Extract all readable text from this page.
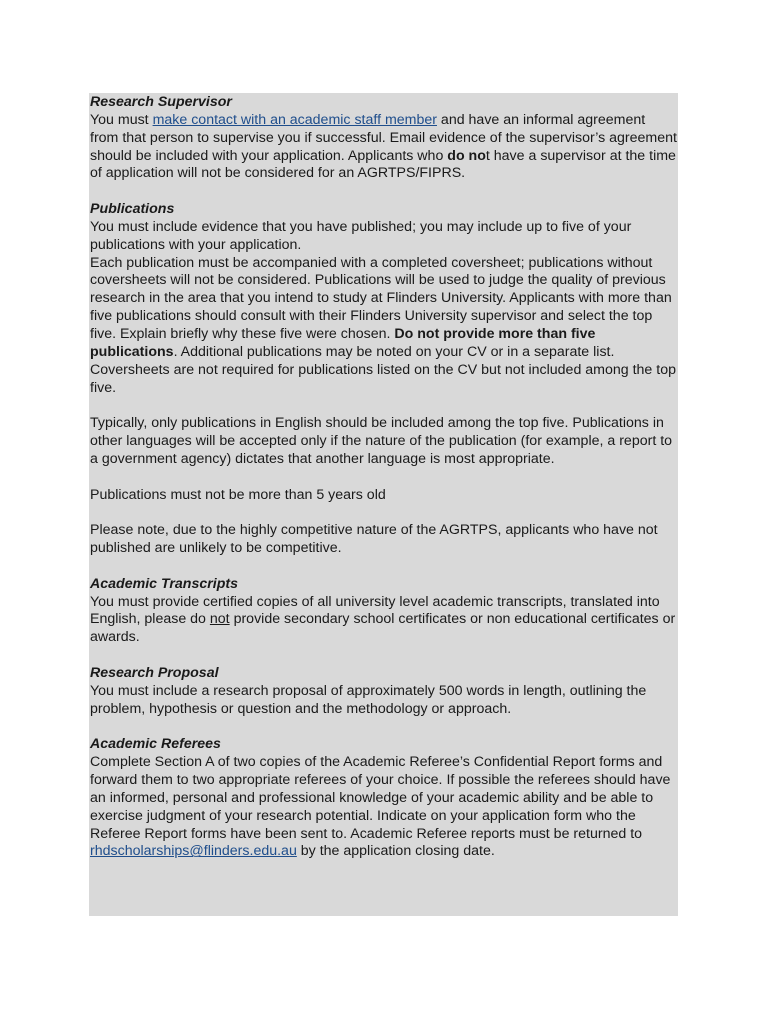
Research Supervisor

You must make contact with an academic staff member and have an informal agreement from that person to supervise you if successful. Email evidence of the supervisor’s agreement should be included with your application. Applicants who do not have a supervisor at the time of application will not be considered for an AGRTPS/FIPRS.

Publications

You must include evidence that you have published; you may include up to five of your publications with your application.

Each publication must be accompanied with a completed coversheet; publications without coversheets will not be considered. Publications will be used to judge the quality of previous research in the area that you intend to study at Flinders University. Applicants with more than five publications should consult with their Flinders University supervisor and select the top five. Explain briefly why these five were chosen. Do not provide more than five publications. Additional publications may be noted on your CV or in a separate list. Coversheets are not required for publications listed on the CV but not included among the top five.

Typically, only publications in English should be included among the top five. Publications in other languages will be accepted only if the nature of the publication (for example, a report to a government agency) dictates that another language is most appropriate.

Publications must not be more than 5 years old

Please note, due to the highly competitive nature of the AGRTPS, applicants who have not published are unlikely to be competitive.

Academic Transcripts

You must provide certified copies of all university level academic transcripts, translated into English, please do not provide secondary school certificates or non educational certificates or awards.

Research Proposal

You must include a research proposal of approximately 500 words in length, outlining the problem, hypothesis or question and the methodology or approach.

Academic Referees

Complete Section A of two copies of the Academic Referee’s Confidential Report forms and forward them to two appropriate referees of your choice. If possible the referees should have an informed, personal and professional knowledge of your academic ability and be able to exercise judgment of your research potential. Indicate on your application form who the Referee Report forms have been sent to. Academic Referee reports must be returned to rhdscholarships@flinders.edu.au by the application closing date.
